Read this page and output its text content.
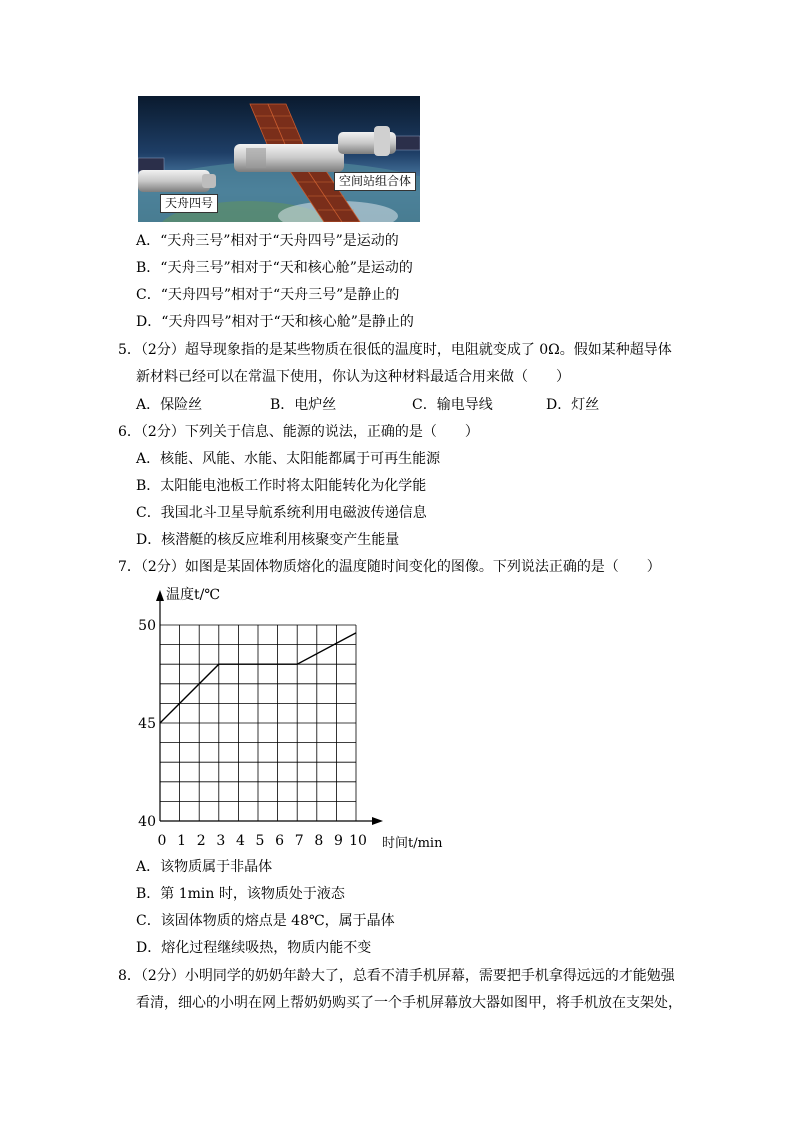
空间站组合体
天舟四号
A．“天舟三号”相对于“天舟四号”是运动的
B．“天舟三号”相对于“天和核心舱”是运动的
C．“天舟四号”相对于“天舟三号”是静止的
D．“天舟四号”相对于“天和核心舱”是静止的
5．（2分）超导现象指的是某些物质在很低的温度时，电阻就变成了 0Ω。假如某种超导体
新材料已经可以在常温下使用，你认为这种材料最适合用来做（　　）
A．保险丝	B．电炉丝	C．输电导线	D．灯丝
6．（2分）下列关于信息、能源的说法，正确的是（　　）
A．核能、风能、水能、太阳能都属于可再生能源
B．太阳能电池板工作时将太阳能转化为化学能
C．我国北斗卫星导航系统利用电磁波传递信息
D．核潜艇的核反应堆利用核聚变产生能量
7．（2分）如图是某固体物质熔化的温度随时间变化的图像。下列说法正确的是（　　）
0 1 2 3 4 5 6 7 8 9 10
40
45
50
温度t/℃
时间t/min
A．该物质属于非晶体
B．第 1min 时，该物质处于液态
C．该固体物质的熔点是 48℃，属于晶体
D．熔化过程继续吸热，物质内能不变
8．（2分）小明同学的奶奶年龄大了，总看不清手机屏幕，需要把手机拿得远远的才能勉强
看清，细心的小明在网上帮奶奶购买了一个手机屏幕放大器如图甲，将手机放在支架处，
